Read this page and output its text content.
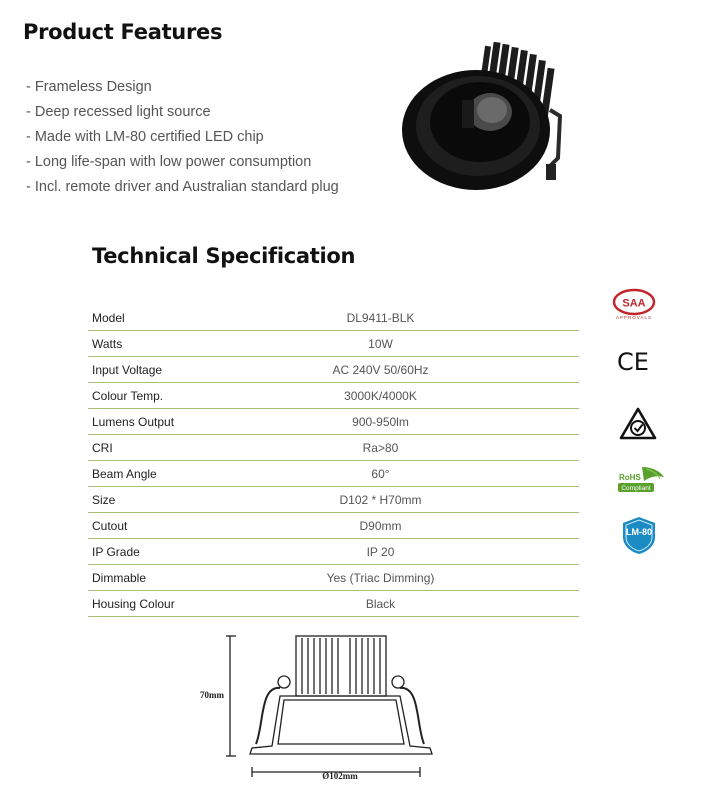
Product Features
- Frameless Design
- Deep recessed light source
- Made with LM-80 certified LED chip
- Long life-span with low power consumption
- Incl. remote driver and Australian standard plug
Technical Specification
Model	DL9411-BLK
Watts	10W
Input Voltage	AC 240V 50/60Hz
Colour Temp.	3000K/4000K
Lumens Output	900-950lm
CRI	Ra>80
Beam Angle	60°
Size	D102 * H70mm
Cutout	D90mm
IP Grade	IP 20
Dimmable	Yes (Triac Dimming)
Housing Colour	Black
SAA
APPROVALS
CE
RoHS
Compliant
LM-80
70mm
Ø102mm
